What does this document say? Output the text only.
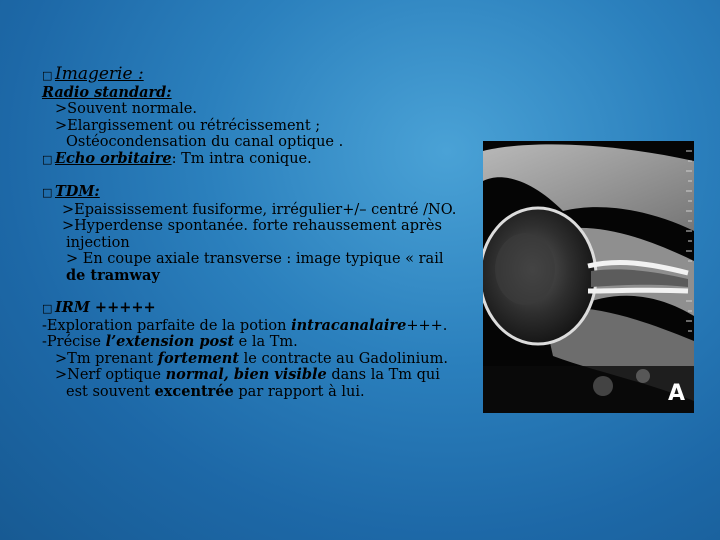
□ Imagerie :

Radio standard:

>Souvent normale.

>Elargissement ou rétrécissement ;

Ostéocondensation du canal optique .

□ Echo orbitaire: Tm intra conique.

□ TDM:

>Epaississement fusiforme, irrégulier+/– centré /NO.

>Hyperdense spontanée. forte rehaussement après

injection

> En coupe axiale transverse : image typique « rail

de tramway

□ IRM +++++

-Exploration parfaite de la potion intracanalaire+++.

-Précise l’extension post e la Tm.

>Tm prenant fortement le contracte au Gadolinium.

>Nerf optique normal, bien visible dans la Tm qui

est souvent excentrée par rapport à lui.	A
